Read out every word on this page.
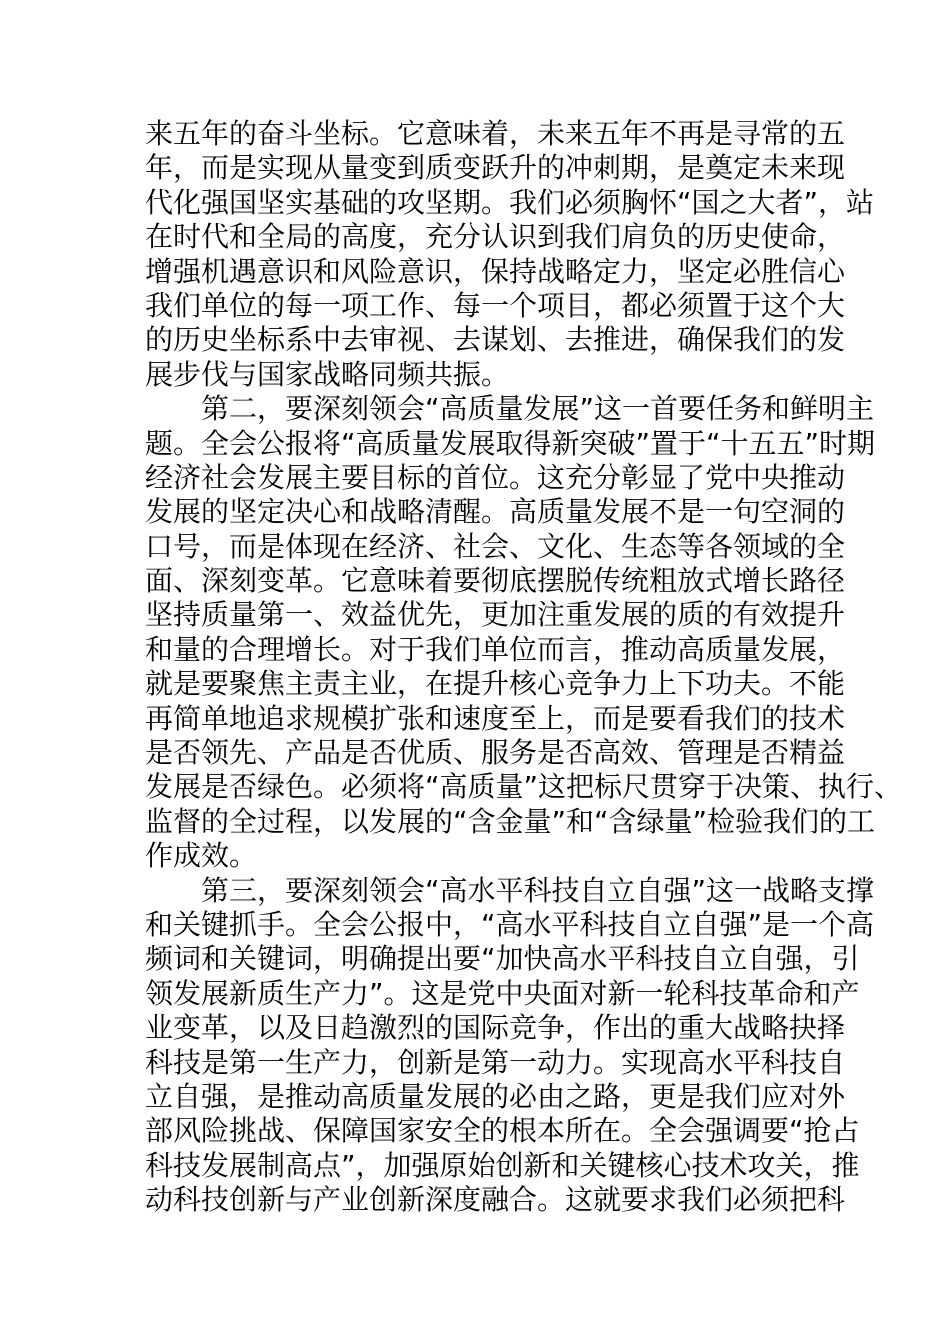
来五年的奋斗坐标。它意味着，未来五年不再是寻常的五
年，而是实现从量变到质变跃升的冲刺期，是奠定未来现
代化强国坚实基础的攻坚期。我们必须胸怀“国之大者”，站
在时代和全局的高度，充分认识到我们肩负的历史使命，
增强机遇意识和风险意识，保持战略定力，坚定必胜信心
我们单位的每一项工作、每一个项目，都必须置于这个大
的历史坐标系中去审视、去谋划、去推进，确保我们的发
展步伐与国家战略同频共振。
第二，要深刻领会“高质量发展”这一首要任务和鲜明主
题。全会公报将“高质量发展取得新突破”置于“十五五”时期
经济社会发展主要目标的首位。这充分彰显了党中央推动
发展的坚定决心和战略清醒。高质量发展不是一句空洞的
口号，而是体现在经济、社会、文化、生态等各领域的全
面、深刻变革。它意味着要彻底摆脱传统粗放式增长路径
坚持质量第一、效益优先，更加注重发展的质的有效提升
和量的合理增长。对于我们单位而言，推动高质量发展，
就是要聚焦主责主业，在提升核心竞争力上下功夫。不能
再简单地追求规模扩张和速度至上，而是要看我们的技术
是否领先、产品是否优质、服务是否高效、管理是否精益
发展是否绿色。必须将“高质量”这把标尺贯穿于决策、执行、
监督的全过程，以发展的“含金量”和“含绿量”检验我们的工
作成效。
第三，要深刻领会“高水平科技自立自强”这一战略支撑
和关键抓手。全会公报中，“高水平科技自立自强”是一个高
频词和关键词，明确提出要“加快高水平科技自立自强，引
领发展新质生产力”。这是党中央面对新一轮科技革命和产
业变革，以及日趋激烈的国际竞争，作出的重大战略抉择
科技是第一生产力，创新是第一动力。实现高水平科技自
立自强，是推动高质量发展的必由之路，更是我们应对外
部风险挑战、保障国家安全的根本所在。全会强调要“抢占
科技发展制高点”，加强原始创新和关键核心技术攻关，推
动科技创新与产业创新深度融合。这就要求我们必须把科
